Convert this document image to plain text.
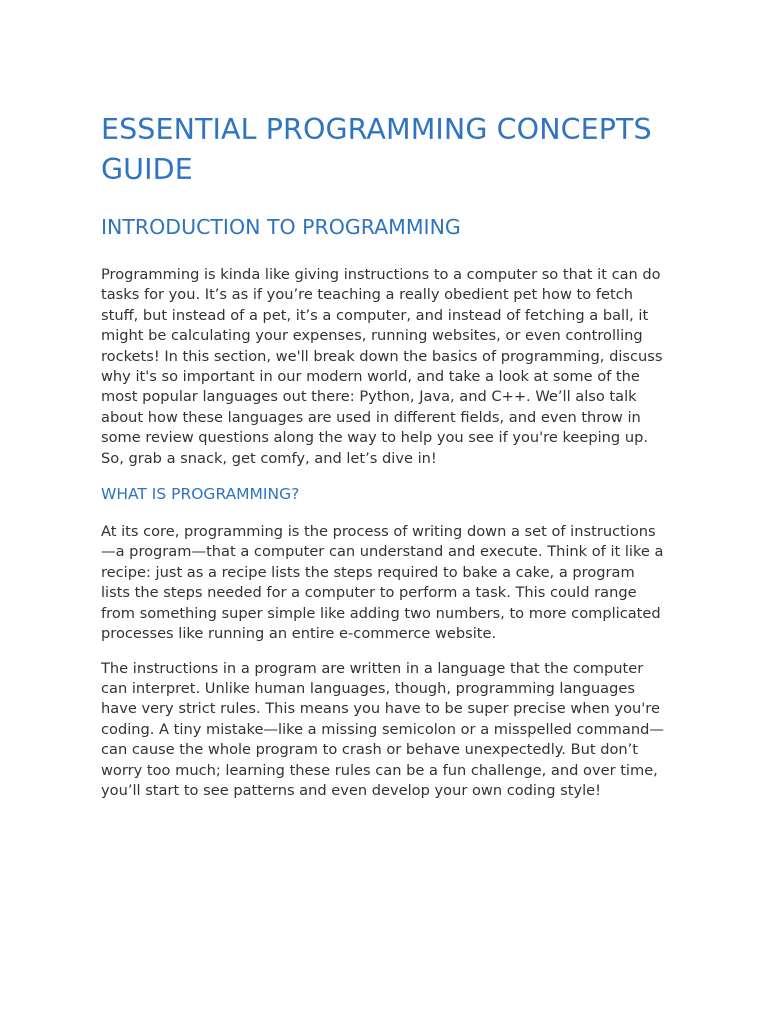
ESSENTIAL PROGRAMMING CONCEPTS GUIDE
INTRODUCTION TO PROGRAMMING

Programming is kinda like giving instructions to a computer so that it can do tasks for you. It’s as if you’re teaching a really obedient pet how to fetch stuff, but instead of a pet, it’s a computer, and instead of fetching a ball, it might be calculating your expenses, running websites, or even controlling rockets! In this section, we'll break down the basics of programming, discuss why it's so important in our modern world, and take a look at some of the most popular languages out there: Python, Java, and C++. We’ll also talk about how these languages are used in different fields, and even throw in some review questions along the way to help you see if you're keeping up. So, grab a snack, get comfy, and let’s dive in!

WHAT IS PROGRAMMING?

At its core, programming is the process of writing down a set of instructions—a program—that a computer can understand and execute. Think of it like a recipe: just as a recipe lists the steps required to bake a cake, a program lists the steps needed for a computer to perform a task. This could range from something super simple like adding two numbers, to more complicated processes like running an entire e-commerce website.

The instructions in a program are written in a language that the computer can interpret. Unlike human languages, though, programming languages have very strict rules. This means you have to be super precise when you're coding. A tiny mistake—like a missing semicolon or a misspelled command—can cause the whole program to crash or behave unexpectedly. But don’t worry too much; learning these rules can be a fun challenge, and over time, you’ll start to see patterns and even develop your own coding style!
